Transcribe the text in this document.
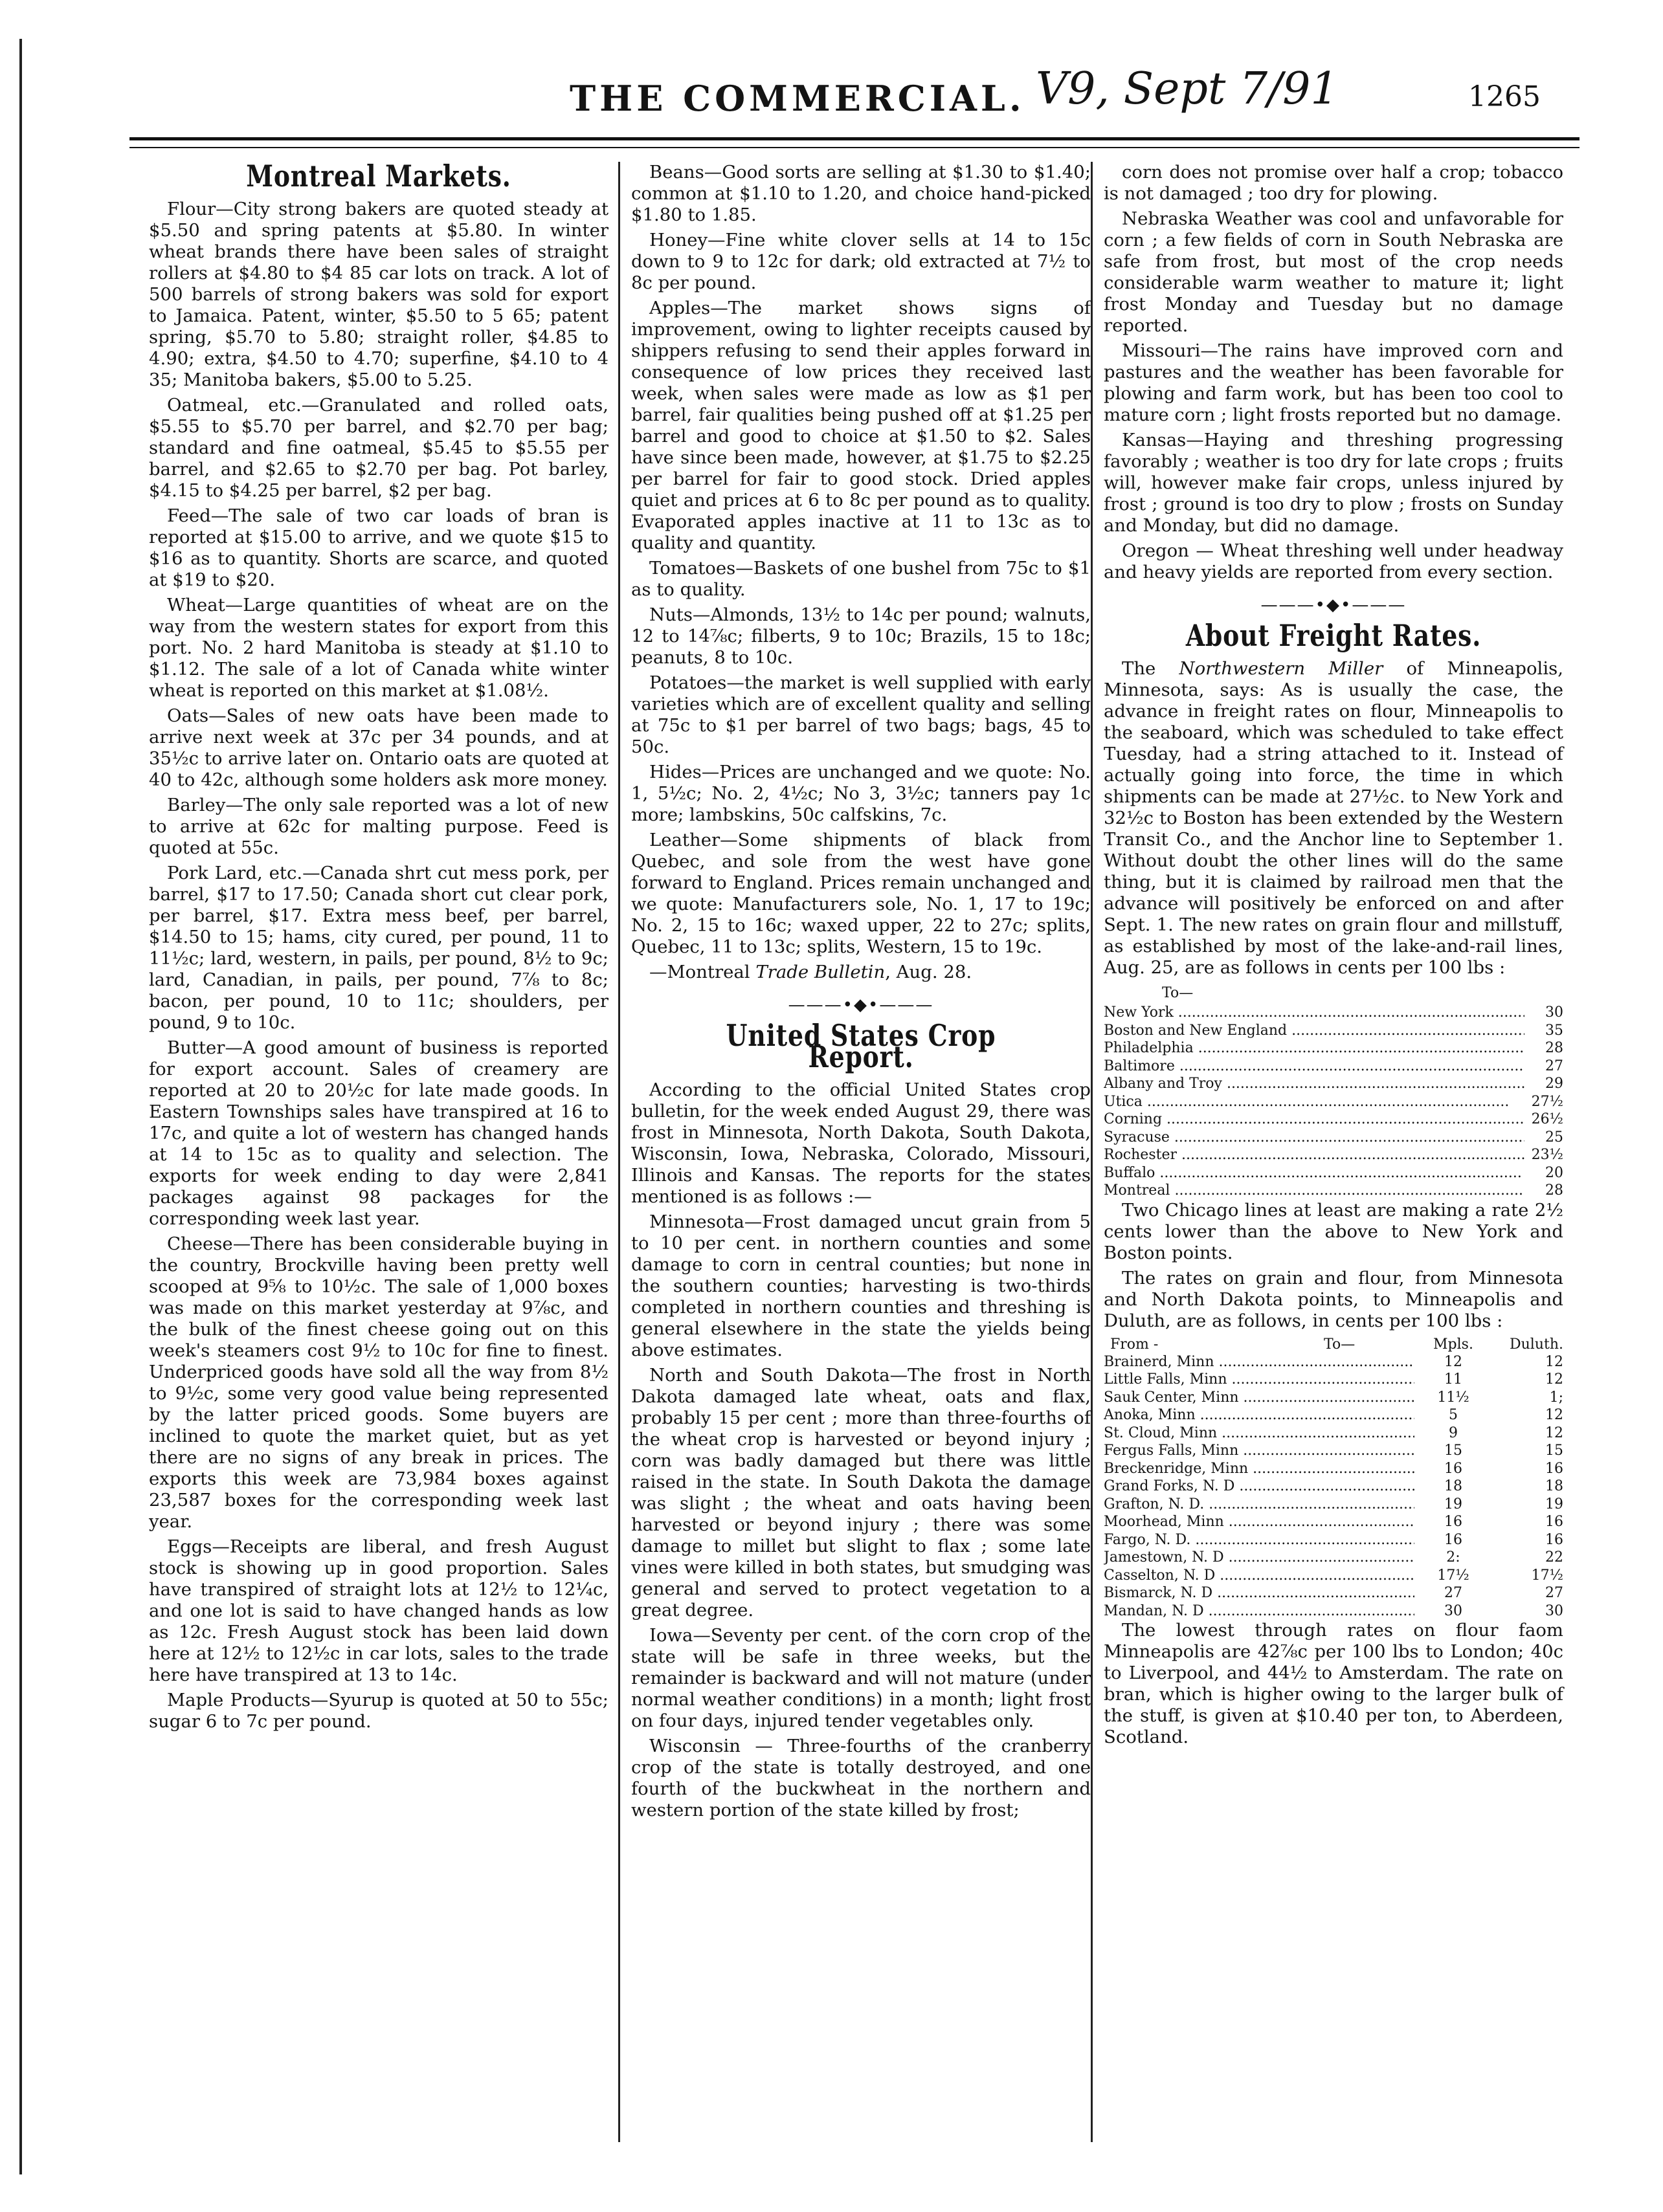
THE COMMERCIAL. V9, Sept 7/91	1265
Montreal Markets.

Flour—City strong bakers are quoted steady at $5.50 and spring patents at $5.80. In winter wheat brands there have been sales of straight rollers at $4.80 to $4 85 car lots on track. A lot of 500 barrels of strong bakers was sold for export to Jamaica. Patent, winter, $5.50 to 5 65; patent spring, $5.70 to 5.80; straight roller, $4.85 to 4.90; extra, $4.50 to 4.70; superfine, $4.10 to 4 35; Manitoba bakers, $5.00 to 5.25.

Oatmeal, etc.—Granulated and rolled oats, $5.55 to $5.70 per barrel, and $2.70 per bag; standard and fine oatmeal, $5.45 to $5.55 per barrel, and $2.65 to $2.70 per bag. Pot barley, $4.15 to $4.25 per barrel, $2 per bag.

Feed—The sale of two car loads of bran is reported at $15.00 to arrive, and we quote $15 to $16 as to quantity. Shorts are scarce, and quoted at $19 to $20.

Wheat—Large quantities of wheat are on the way from the western states for export from this port. No. 2 hard Manitoba is steady at $1.10 to $1.12. The sale of a lot of Canada white winter wheat is reported on this market at $1.08½.

Oats—Sales of new oats have been made to arrive next week at 37c per 34 pounds, and at 35½c to arrive later on. Ontario oats are quoted at 40 to 42c, although some holders ask more money.

Barley—The only sale reported was a lot of new to arrive at 62c for malting purpose. Feed is quoted at 55c.

Pork Lard, etc.—Canada shrt cut mess pork, per barrel, $17 to 17.50; Canada short cut clear pork, per barrel, $17. Extra mess beef, per barrel, $14.50 to 15; hams, city cured, per pound, 11 to 11½c; lard, western, in pails, per pound, 8½ to 9c; lard, Canadian, in pails, per pound, 7⅞ to 8c; bacon, per pound, 10 to 11c; shoulders, per pound, 9 to 10c.

Butter—A good amount of business is reported for export account. Sales of creamery are reported at 20 to 20½c for late made goods. In Eastern Townships sales have transpired at 16 to 17c, and quite a lot of western has changed hands at 14 to 15c as to quality and selection. The exports for week ending to day were 2,841 packages against 98 packages for the corresponding week last year.

Cheese—There has been considerable buying in the country, Brockville having been pretty well scooped at 9⅝ to 10½c. The sale of 1,000 boxes was made on this market yesterday at 9⅞c, and the bulk of the finest cheese going out on this week's steamers cost 9½ to 10c for fine to finest. Underpriced goods have sold all the way from 8½ to 9½c, some very good value being represented by the latter priced goods. Some buyers are inclined to quote the market quiet, but as yet there are no signs of any break in prices. The exports this week are 73,984 boxes against 23,587 boxes for the corresponding week last year.

Eggs—Receipts are liberal, and fresh August stock is showing up in good proportion. Sales have transpired of straight lots at 12½ to 12¼c, and one lot is said to have changed hands as low as 12c. Fresh August stock has been laid down here at 12½ to 12½c in car lots, sales to the trade here have transpired at 13 to 14c.

Maple Products—Syurup is quoted at 50 to 55c; sugar 6 to 7c per pound.

Beans—Good sorts are selling at $1.30 to $1.40; common at $1.10 to 1.20, and choice hand-picked $1.80 to 1.85.

Honey—Fine white clover sells at 14 to 15c down to 9 to 12c for dark; old extracted at 7½ to 8c per pound.

Apples—The market shows signs of improvement, owing to lighter receipts caused by shippers refusing to send their apples forward in consequence of low prices they received last week, when sales were made as low as $1 per barrel, fair qualities being pushed off at $1.25 per barrel and good to choice at $1.50 to $2. Sales have since been made, however, at $1.75 to $2.25 per barrel for fair to good stock. Dried apples quiet and prices at 6 to 8c per pound as to quality. Evaporated apples inactive at 11 to 13c as to quality and quantity.

Tomatoes—Baskets of one bushel from 75c to $1 as to quality.

Nuts—Almonds, 13½ to 14c per pound; walnuts, 12 to 14⅞c; filberts, 9 to 10c; Brazils, 15 to 18c; peanuts, 8 to 10c.

Potatoes—the market is well supplied with early varieties which are of excellent quality and selling at 75c to $1 per barrel of two bags; bags, 45 to 50c.

Hides—Prices are unchanged and we quote: No. 1, 5½c; No. 2, 4½c; No 3, 3½c; tanners pay 1c more; lambskins, 50c calfskins, 7c.

Leather—Some shipments of black from Quebec, and sole from the west have gone forward to England. Prices remain unchanged and we quote: Manufacturers sole, No. 1, 17 to 19c; No. 2, 15 to 16c; waxed upper, 22 to 27c; splits, Quebec, 11 to 13c; splits, Western, 15 to 19c.

—Montreal Trade Bulletin, Aug. 28.

———•◆•———
United States Crop Report.

According to the official United States crop bulletin, for the week ended August 29, there was frost in Minnesota, North Dakota, South Dakota, Wisconsin, Iowa, Nebraska, Colorado, Missouri, Illinois and Kansas. The reports for the states mentioned is as follows :—

Minnesota—Frost damaged uncut grain from 5 to 10 per cent. in northern counties and some damage to corn in central counties; but none in the southern counties; harvesting is two-thirds completed in northern counties and threshing is general elsewhere in the state the yields being above estimates.

North and South Dakota—The frost in North Dakota damaged late wheat, oats and flax, probably 15 per cent ; more than three-fourths of the wheat crop is harvested or beyond injury ; corn was badly damaged but there was little raised in the state. In South Dakota the damage was slight ; the wheat and oats having been harvested or beyond injury ; there was some damage to millet but slight to flax ; some late vines were killed in both states, but smudging was general and served to protect vegetation to a great degree.

Iowa—Seventy per cent. of the corn crop of the state will be safe in three weeks, but the remainder is backward and will not mature (under normal weather conditions) in a month; light frost on four days, injured tender vegetables only.

Wisconsin — Three-fourths of the cranberry crop of the state is totally destroyed, and one fourth of the buckwheat in the northern and western portion of the state killed by frost;

corn does not promise over half a crop; tobacco is not damaged ; too dry for plowing.

Nebraska Weather was cool and unfavorable for corn ; a few fields of corn in South Nebraska are safe from frost, but most of the crop needs considerable warm weather to mature it; light frost Monday and Tuesday but no damage reported.

Missouri—The rains have improved corn and pastures and the weather has been favorable for plowing and farm work, but has been too cool to mature corn ; light frosts reported but no damage.

Kansas—Haying and threshing progressing favorably ; weather is too dry for late crops ; fruits will, however make fair crops, unless injured by frost ; ground is too dry to plow ; frosts on Sunday and Monday, but did no damage.

Oregon — Wheat threshing well under headway and heavy yields are reported from every section.

———•◆•———
About Freight Rates.

The Northwestern Miller of Minneapolis, Minnesota, says: As is usually the case, the advance in freight rates on flour, Minneapolis to the seaboard, which was scheduled to take effect Tuesday, had a string attached to it. Instead of actually going into force, the time in which shipments can be made at 27½c. to New York and 32½c to Boston has been extended by the Western Transit Co., and the Anchor line to September 1. Without doubt the other lines will do the same thing, but it is claimed by railroad men that the advance will positively be enforced on and after Sept. 1. The new rates on grain flour and millstuff, as established by most of the lake-and-rail lines, Aug. 25, are as follows in cents per 100 lbs :

To—
New York .....	30
Boston and New England .....	35
Philadelphia .....	28
Baltimore .....	27
Albany and Troy .....	29
Utica .....	27½
Corning .....	26½
Syracuse .....	25
Rochester .....	23½
Buffalo .....	20
Montreal .....	28

Two Chicago lines at least are making a rate 2½ cents lower than the above to New York and Boston points.

The rates on grain and flour, from Minnesota and North Dakota points, to Minneapolis and Duluth, are as follows, in cents per 100 lbs :

From -	To—	Mpls.	Duluth.
Brainerd, Minn .....	12	12
Little Falls, Minn .....	11	12
Sauk Center, Minn .....	11½	1;
Anoka, Minn .....	5	12
St. Cloud, Minn .....	9	12
Fergus Falls, Minn .....	15	15
Breckenridge, Minn .....	16	16
Grand Forks, N. D .....	18	18
Grafton, N. D. .....	19	19
Moorhead, Minn .....	16	16
Fargo, N. D. .....	16	16
Jamestown, N. D .....	2:	22
Casselton, N. D .....	17½	17½
Bismarck, N. D .....	27	27
Mandan, N. D .....	30	30

The lowest through rates on flour faom Minneapolis are 42⅞c per 100 lbs to London; 40c to Liverpool, and 44½ to Amsterdam. The rate on bran, which is higher owing to the larger bulk of the stuff, is given at $10.40 per ton, to Aberdeen, Scotland.
